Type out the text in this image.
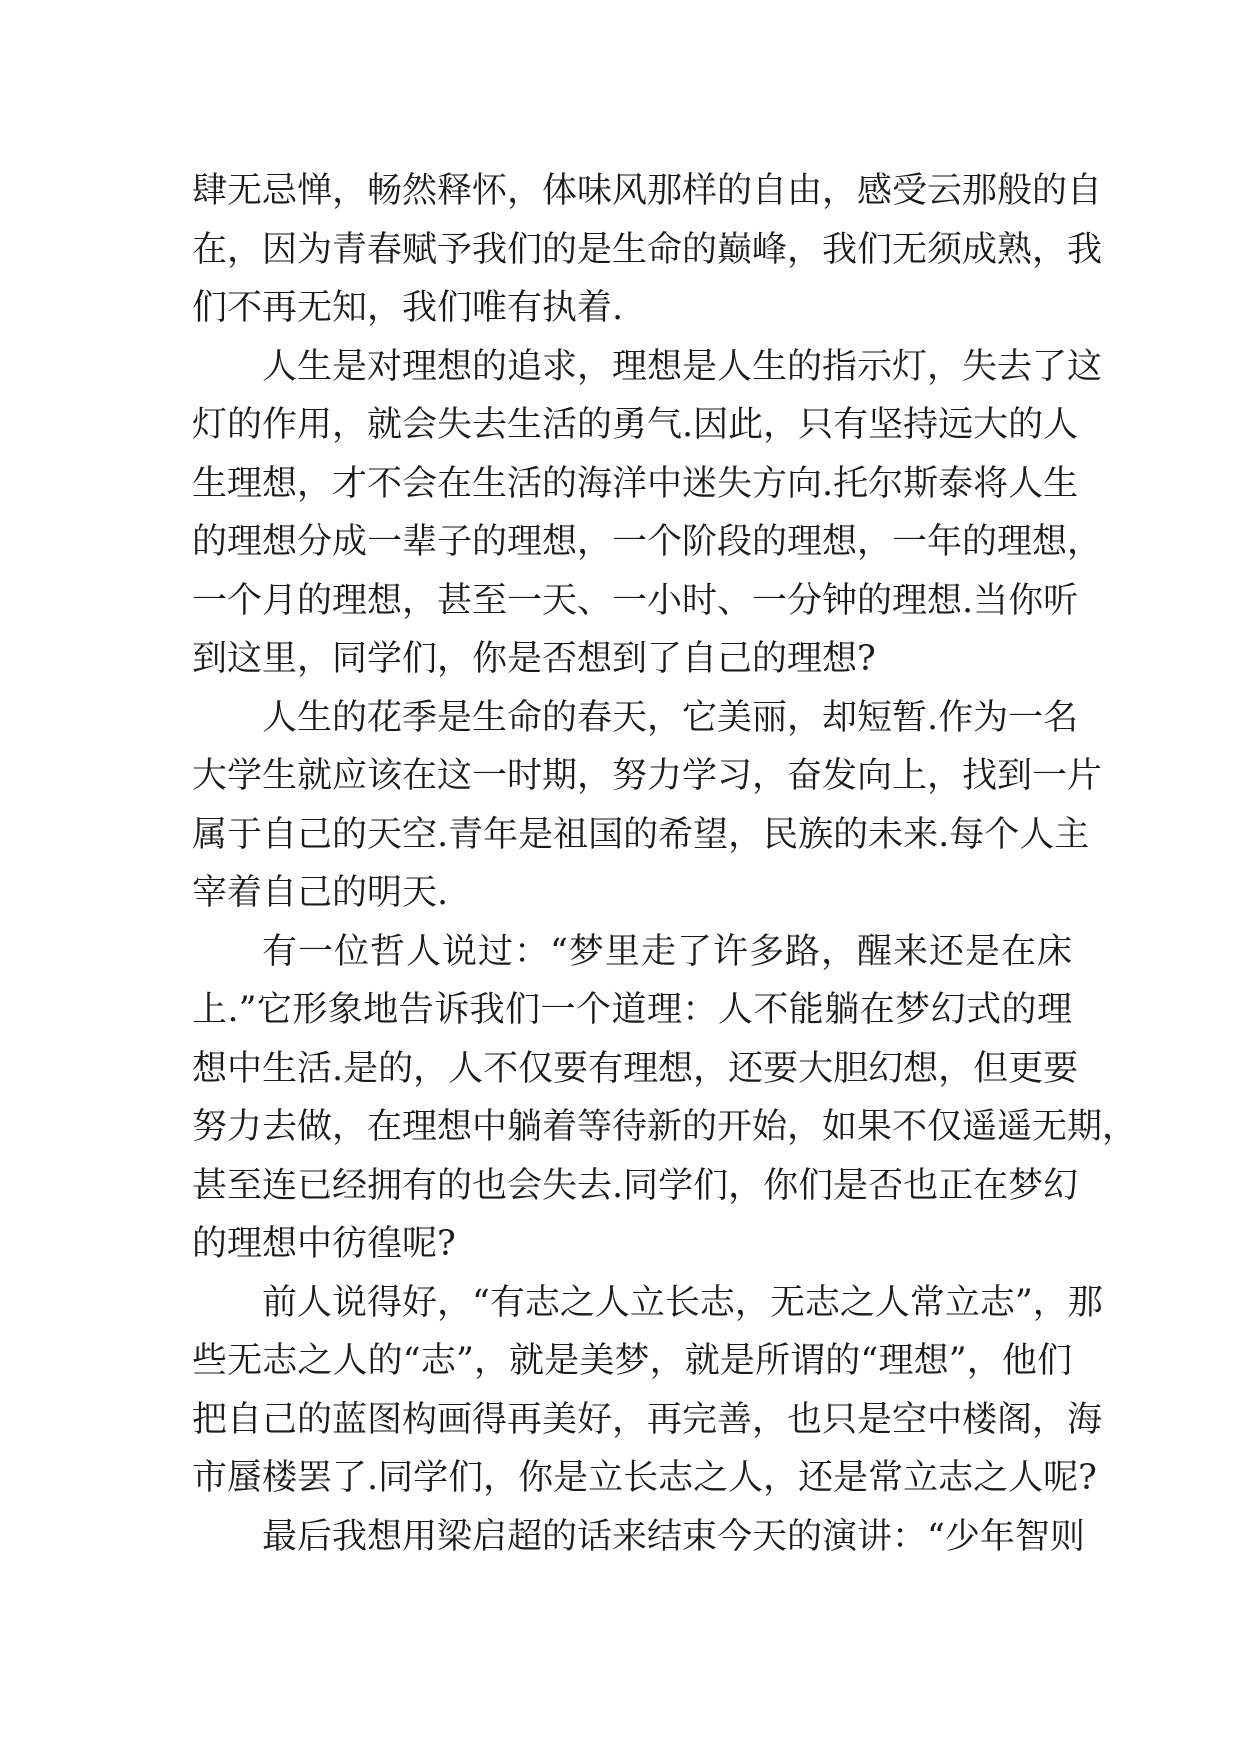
肆无忌惮，畅然释怀，体味风那样的自由，感受云那般的自
在，因为青春赋予我们的是生命的巅峰，我们无须成熟，我
们不再无知，我们唯有执着.
人生是对理想的追求，理想是人生的指示灯，失去了这
灯的作用，就会失去生活的勇气.因此，只有坚持远大的人
生理想，才不会在生活的海洋中迷失方向.托尔斯泰将人生
的理想分成一辈子的理想，一个阶段的理想，一年的理想，
一个月的理想，甚至一天、一小时、一分钟的理想.当你听
到这里，同学们，你是否想到了自己的理想?
人生的花季是生命的春天，它美丽，却短暂.作为一名
大学生就应该在这一时期，努力学习，奋发向上，找到一片
属于自己的天空.青年是祖国的希望，民族的未来.每个人主
宰着自己的明天.
有一位哲人说过：“梦里走了许多路，醒来还是在床
上.”它形象地告诉我们一个道理：人不能躺在梦幻式的理
想中生活.是的，人不仅要有理想，还要大胆幻想，但更要
努力去做，在理想中躺着等待新的开始，如果不仅遥遥无期，
甚至连已经拥有的也会失去.同学们，你们是否也正在梦幻
的理想中彷徨呢?
前人说得好，“有志之人立长志，无志之人常立志”，那
些无志之人的“志”，就是美梦，就是所谓的“理想”，他们
把自己的蓝图构画得再美好，再完善，也只是空中楼阁，海
市蜃楼罢了.同学们，你是立长志之人，还是常立志之人呢?
最后我想用梁启超的话来结束今天的演讲：“少年智则
